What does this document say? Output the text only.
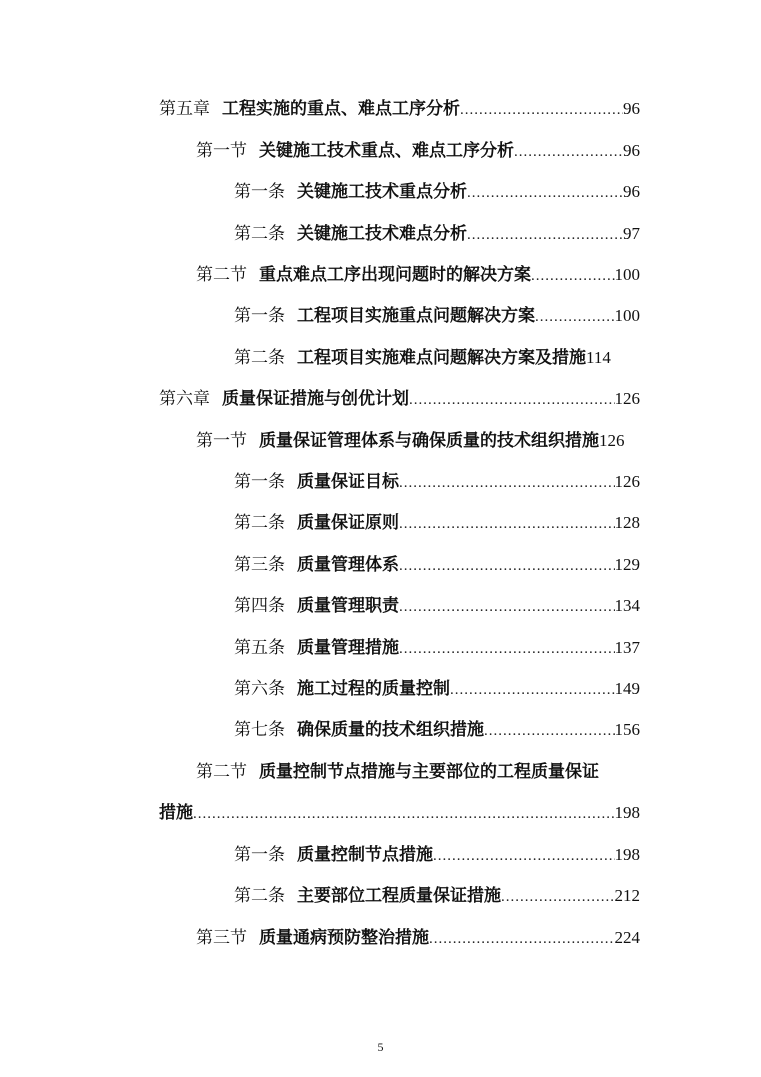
第五章 工程实施的重点、难点工序分析 .....	96
第一节 关键施工技术重点、难点工序分析 .....	96
第一条 关键施工技术重点分析 .....	96
第二条 关键施工技术难点分析 .....	97
第二节 重点难点工序出现问题时的解决方案 .....	100
第一条 工程项目实施重点问题解决方案 .....	100
第二条 工程项目实施难点问题解决方案及措施 114
第六章 质量保证措施与创优计划 .....	126
第一节 质量保证管理体系与确保质量的技术组织措施 126
第一条 质量保证目标 .....	126
第二条 质量保证原则 .....	128
第三条 质量管理体系 .....	129
第四条 质量管理职责 .....	134
第五条 质量管理措施 .....	137
第六条 施工过程的质量控制 .....	149
第七条 确保质量的技术组织措施 .....	156
第二节 质量控制节点措施与主要部位的工程质量保证
措施 .....	198
第一条 质量控制节点措施 .....	198
第二条 主要部位工程质量保证措施 .....	212
第三节 质量通病预防整治措施 .....	224
5
